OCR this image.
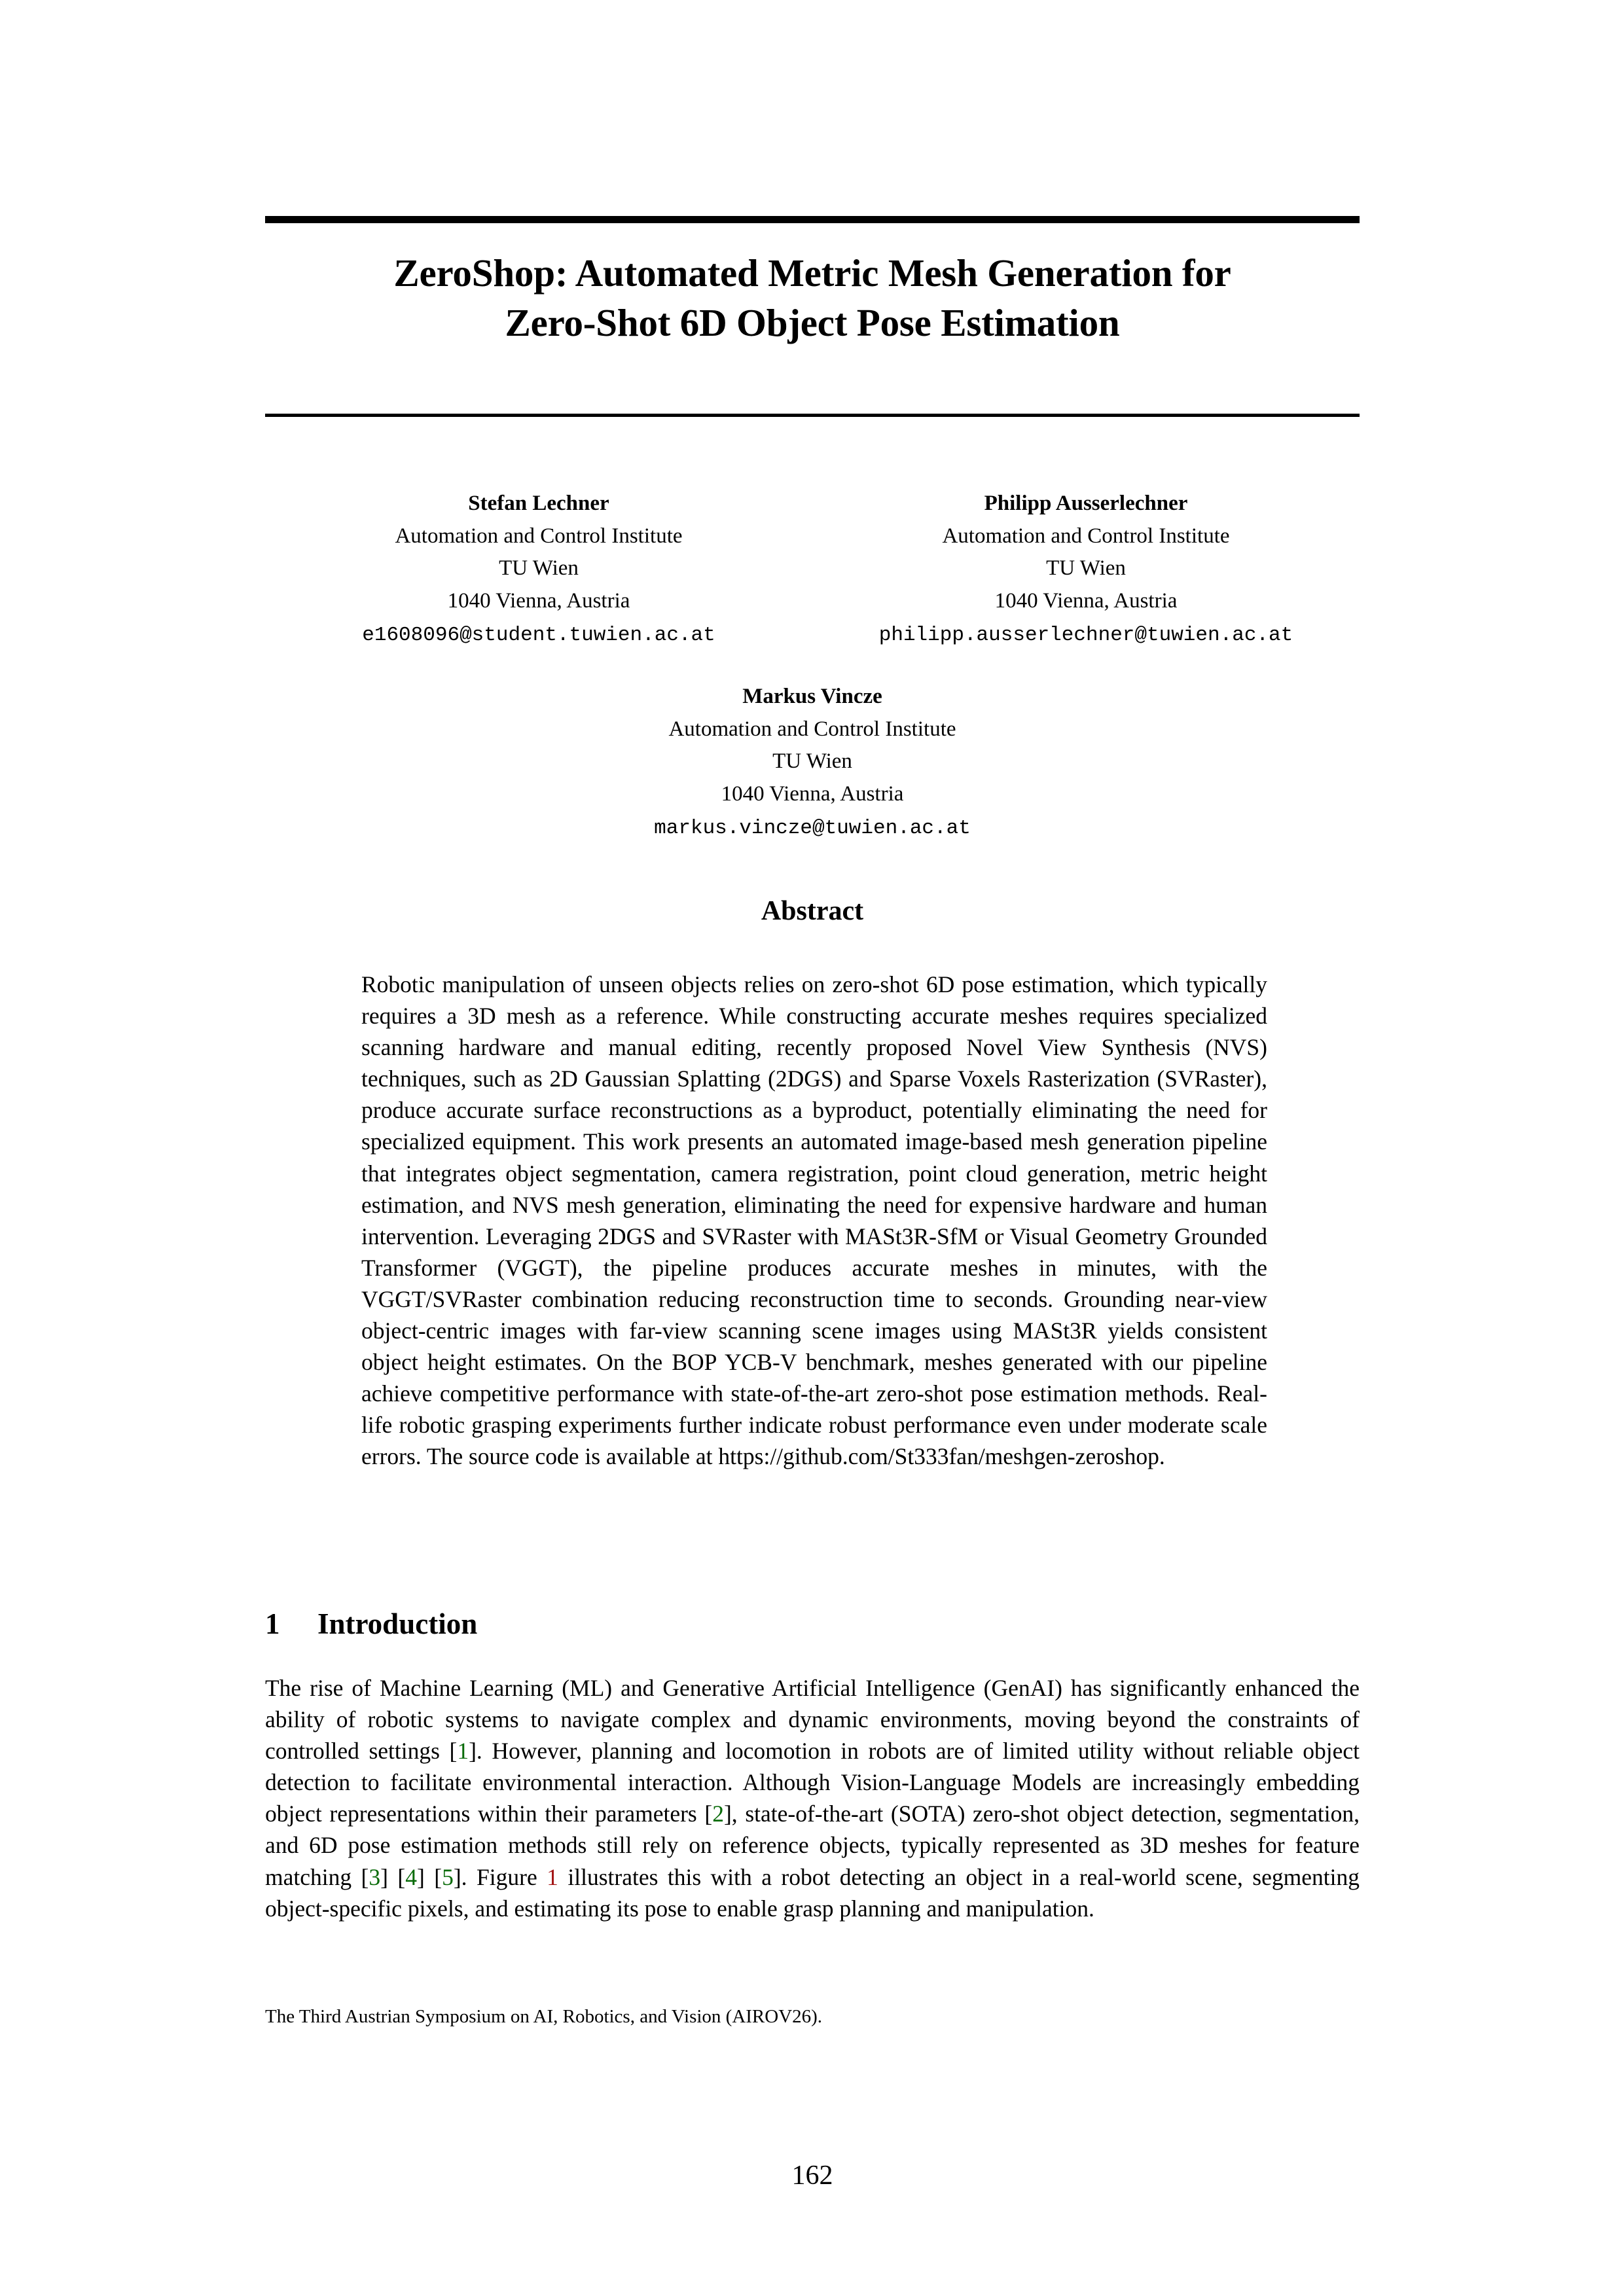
ZeroShop: Automated Metric Mesh Generation for
Zero-Shot 6D Object Pose Estimation
Stefan Lechner
Automation and Control Institute
TU Wien
1040 Vienna, Austria
e1608096@student.tuwien.ac.at
Philipp Ausserlechner
Automation and Control Institute
TU Wien
1040 Vienna, Austria
philipp.ausserlechner@tuwien.ac.at
Markus Vincze
Automation and Control Institute
TU Wien
1040 Vienna, Austria
markus.vincze@tuwien.ac.at
Abstract
Robotic manipulation of unseen objects relies on zero-shot 6D pose estimation, which typically requires a 3D mesh as a reference. While constructing accurate meshes requires specialized scanning hardware and manual editing, recently proposed Novel View Synthesis (NVS) techniques, such as 2D Gaussian Splatting (2DGS) and Sparse Voxels Rasterization (SVRaster), produce accurate surface reconstructions as a byproduct, potentially eliminating the need for specialized equipment. This work presents an automated image-based mesh generation pipeline that integrates object segmentation, camera registration, point cloud generation, metric height estimation, and NVS mesh generation, eliminating the need for expensive hardware and human intervention. Leveraging 2DGS and SVRaster with MASt3R-SfM or Visual Geometry Grounded Transformer (VGGT), the pipeline produces accurate meshes in minutes, with the VGGT/SVRaster combination reducing reconstruction time to seconds. Grounding near-view object-centric images with far-view scanning scene images using MASt3R yields consistent object height estimates. On the BOP YCB-V benchmark, meshes generated with our pipeline achieve competitive performance with state-of-the-art zero-shot pose estimation methods. Real-life robotic grasping experiments further indicate robust performance even under moderate scale errors. The source code is available at https://github.com/St333fan/meshgen-zeroshop.
1 Introduction
The rise of Machine Learning (ML) and Generative Artificial Intelligence (GenAI) has significantly enhanced the ability of robotic systems to navigate complex and dynamic environments, moving beyond the constraints of controlled settings [1]. However, planning and locomotion in robots are of limited utility without reliable object detection to facilitate environmental interaction. Although Vision-Language Models are increasingly embedding object representations within their parameters [2], state-of-the-art (SOTA) zero-shot object detection, segmentation, and 6D pose estimation methods still rely on reference objects, typically represented as 3D meshes for feature matching [3] [4] [5]. Figure 1 illustrates this with a robot detecting an object in a real-world scene, segmenting object-specific pixels, and estimating its pose to enable grasp planning and manipulation.
The Third Austrian Symposium on AI, Robotics, and Vision (AIROV26).
162
